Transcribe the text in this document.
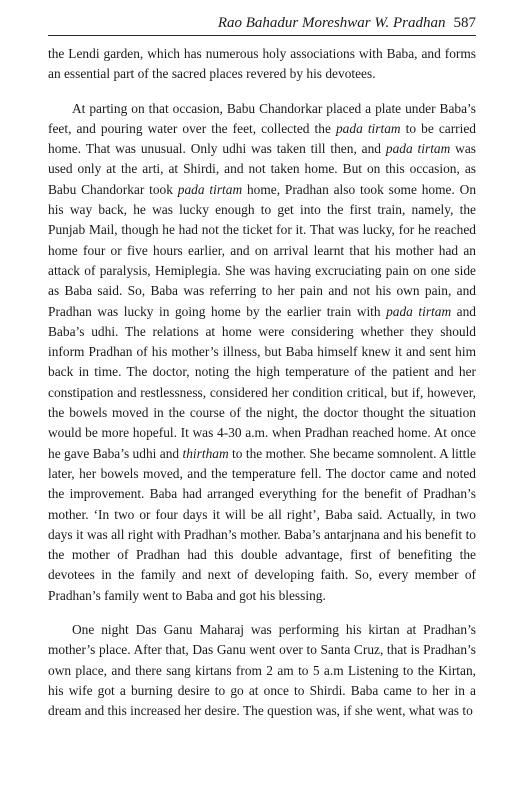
Rao Bahadur Moreshwar W. Pradhan 587

the Lendi garden, which has numerous holy associations with Baba, and forms an essential part of the sacred places revered by his devotees.

At parting on that occasion, Babu Chandorkar placed a plate under Baba’s feet, and pouring water over the feet, collected the pada tirtam to be carried home. That was unusual. Only udhi was taken till then, and pada tirtam was used only at the arti, at Shirdi, and not taken home. But on this occasion, as Babu Chandorkar took pada tirtam home, Pradhan also took some home. On his way back, he was lucky enough to get into the first train, namely, the Punjab Mail, though he had not the ticket for it. That was lucky, for he reached home four or five hours earlier, and on arrival learnt that his mother had an attack of paralysis, Hemiplegia. She was having excruciating pain on one side as Baba said. So, Baba was referring to her pain and not his own pain, and Pradhan was lucky in going home by the earlier train with pada tirtam and Baba’s udhi. The relations at home were considering whether they should inform Pradhan of his mother’s illness, but Baba himself knew it and sent him back in time. The doctor, noting the high temperature of the patient and her constipation and restlessness, considered her condition critical, but if, however, the bowels moved in the course of the night, the doctor thought the situation would be more hopeful. It was 4-30 a.m. when Pradhan reached home. At once he gave Baba’s udhi and thirtham to the mother. She became somnolent. A little later, her bowels moved, and the temperature fell. The doctor came and noted the improvement. Baba had arranged everything for the benefit of Pradhan’s mother. ‘In two or four days it will be all right’, Baba said. Actually, in two days it was all right with Pradhan’s mother. Baba’s antarjnana and his benefit to the mother of Pradhan had this double advantage, first of benefiting the devotees in the family and next of developing faith. So, every member of Pradhan’s family went to Baba and got his blessing.

One night Das Ganu Maharaj was performing his kirtan at Pradhan’s mother’s place. After that, Das Ganu went over to Santa Cruz, that is Pradhan’s own place, and there sang kirtans from 2 am to 5 a.m Listening to the Kirtan, his wife got a burning desire to go at once to Shirdi. Baba came to her in a dream and this increased her desire. The question was, if she went, what was to
